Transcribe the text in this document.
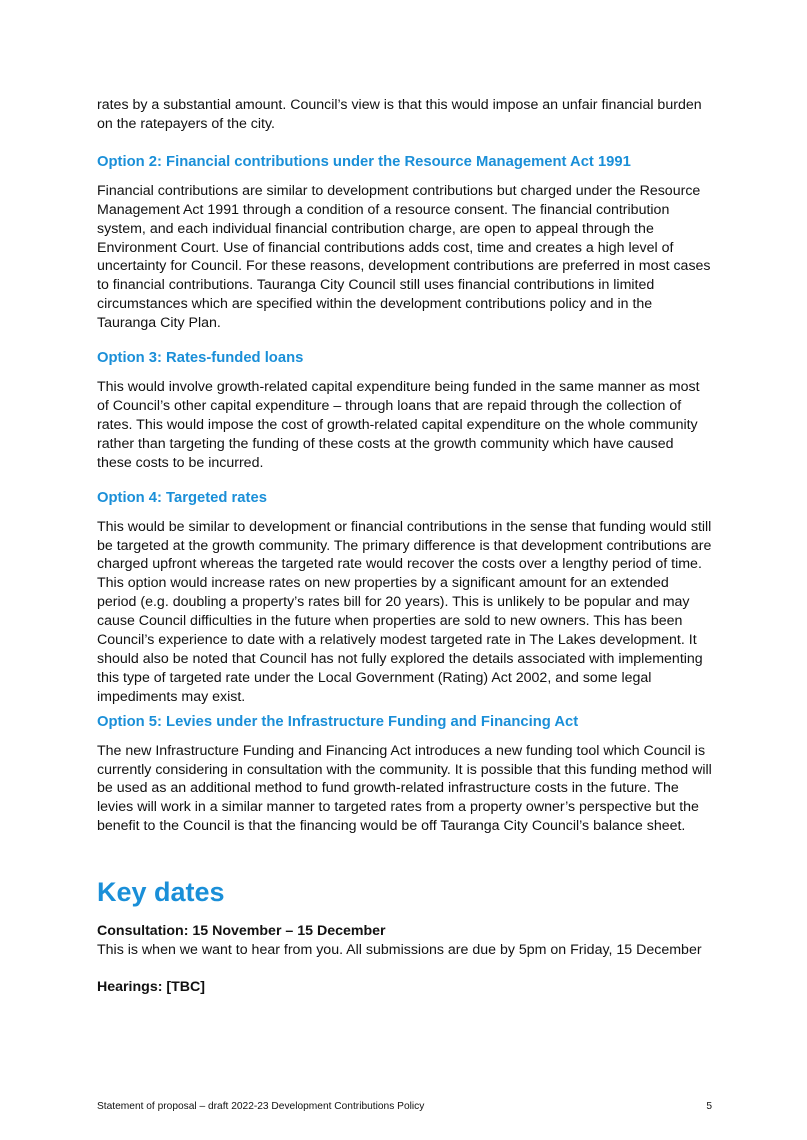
rates by a substantial amount. Council’s view is that this would impose an unfair financial burden on the ratepayers of the city.

Option 2: Financial contributions under the Resource Management Act 1991

Financial contributions are similar to development contributions but charged under the Resource Management Act 1991 through a condition of a resource consent. The financial contribution system, and each individual financial contribution charge, are open to appeal through the Environment Court. Use of financial contributions adds cost, time and creates a high level of uncertainty for Council. For these reasons, development contributions are preferred in most cases to financial contributions. Tauranga City Council still uses financial contributions in limited circumstances which are specified within the development contributions policy and in the Tauranga City Plan.

Option 3: Rates-funded loans

This would involve growth-related capital expenditure being funded in the same manner as most of Council’s other capital expenditure – through loans that are repaid through the collection of rates. This would impose the cost of growth-related capital expenditure on the whole community rather than targeting the funding of these costs at the growth community which have caused these costs to be incurred.

Option 4: Targeted rates

This would be similar to development or financial contributions in the sense that funding would still be targeted at the growth community. The primary difference is that development contributions are charged upfront whereas the targeted rate would recover the costs over a lengthy period of time. This option would increase rates on new properties by a significant amount for an extended period (e.g. doubling a property’s rates bill for 20 years). This is unlikely to be popular and may cause Council difficulties in the future when properties are sold to new owners. This has been Council’s experience to date with a relatively modest targeted rate in The Lakes development. It should also be noted that Council has not fully explored the details associated with implementing this type of targeted rate under the Local Government (Rating) Act 2002, and some legal impediments may exist.

Option 5: Levies under the Infrastructure Funding and Financing Act

The new Infrastructure Funding and Financing Act introduces a new funding tool which Council is currently considering in consultation with the community. It is possible that this funding method will be used as an additional method to fund growth-related infrastructure costs in the future. The levies will work in a similar manner to targeted rates from a property owner’s perspective but the benefit to the Council is that the financing would be off Tauranga City Council’s balance sheet.

Key dates

Consultation: 15 November – 15 December

This is when we want to hear from you. All submissions are due by 5pm on Friday, 15 December

Hearings: [TBC]

Statement of proposal – draft 2022-23 Development Contributions Policy	5
